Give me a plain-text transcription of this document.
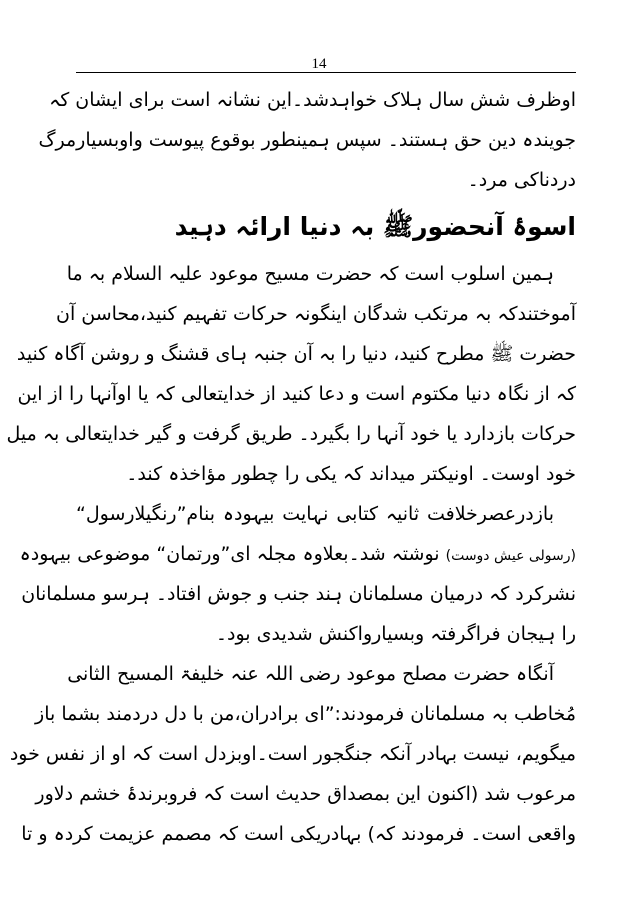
14
اوظرف شش سال ہلاک خواہدشد۔این نشانہ است برای ایشان کہ
جویندہ دین حق ہستند۔ سپس ہمینطور بوقوع پیوست واوبسیارمرگ
دردناکی مرد۔
اسوۂ آنحضورﷺ بہ دنیا ارائہ دہید
ہمین اسلوب است کہ حضرت مسیح موعود علیہ السلام بہ ما
آموختندکہ بہ مرتکب شدگان اینگونہ حرکات تفہیم کنید،محاسن آن
حضرت ﷺ مطرح کنید، دنیا را بہ آن جنبہ ہای قشنگ و روشن آگاہ کنید
کہ از نگاہ دنیا مکتوم است و دعا کنید از خدایتعالی کہ یا اوآنہا را از این
حرکات بازدارد یا خود آنہا را بگیرد۔ طریق گرفت و گیر خدایتعالی بہ میل
خود اوست۔ اونیکتر میداند کہ یکی را چطور مؤاخذہ کند۔
بازدرعصرخلافت ثانیہ کتابی نہایت بیہودہ بنام”رنگیلارسول“
(رسولی عیش دوست) نوشتہ شد۔بعلاوہ مجلہ ای”ورتمان“ موضوعی بیہودہ
نشرکرد کہ درمیان مسلمانان ہند جنب و جوش افتاد۔ ہرسو مسلمانان
را ہیجان فراگرفتہ وبسیارواکنش شدیدی بود۔
آنگاہ حضرت مصلح موعود رضی اللہ عنہ خلیفۃ المسیح الثانی
مُخاطب بہ مسلمانان فرمودند:”ای برادران،من با دل دردمند بشما باز
میگویم، نیست بہادر آنکہ جنگجور است۔اوبزدل است کہ او از نفس خود
مرعوب شد (اکنون این بمصداق حدیث است کہ فروبرندۂ خشم دلاور
واقعی است۔ فرمودند کہ) بہادریکی است کہ مصمم عزیمت کردہ و تا
